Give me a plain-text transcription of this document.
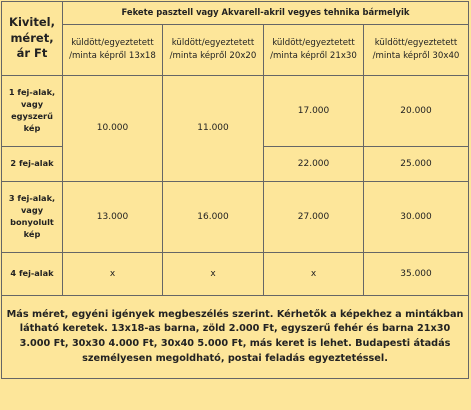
Kivitel, méret, ár Ft	Fekete pasztell vagy Akvarell-akril vegyes tehnika bármelyik			
	küldött/egyeztetett /minta képről 13x18	küldött/egyeztetett /minta képről 20x20	küldött/egyeztetett /minta képről 21x30	küldött/egyeztetett /minta képről 30x40
1 fej-alak, vagy egyszerű kép	10.000	11.000	17.000	20.000
2 fej-alak			22.000	25.000
3 fej-alak, vagy bonyolult kép	13.000	16.000	27.000	30.000
4 fej-alak	x	x	x	35.000
Más méret, egyéni igények megbeszélés szerint. Kérhetők a képekhez a mintákban látható keretek. 13x18-as barna, zöld 2.000 Ft, egyszerű fehér és barna 21x30 3.000 Ft, 30x30 4.000 Ft, 30x40 5.000 Ft, más keret is lehet. Budapesti átadás személyesen megoldható, postai feladás egyeztetéssel.				
